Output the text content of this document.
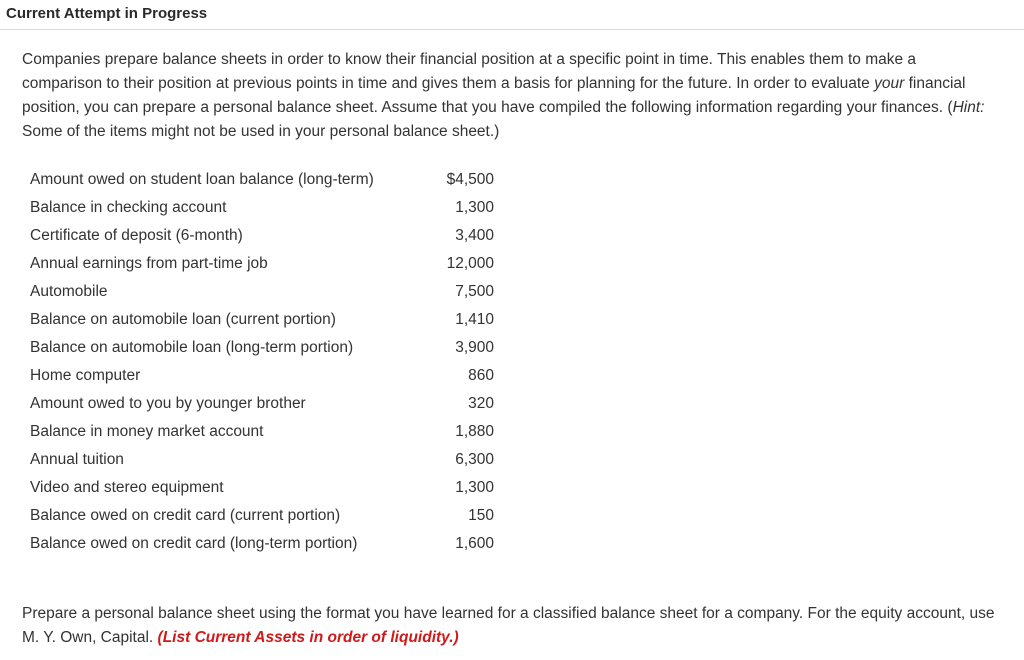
Current Attempt in Progress
Companies prepare balance sheets in order to know their financial position at a specific point in time. This enables them to make a comparison to their position at previous points in time and gives them a basis for planning for the future. In order to evaluate your financial position, you can prepare a personal balance sheet. Assume that you have compiled the following information regarding your finances. (Hint: Some of the items might not be used in your personal balance sheet.)
Amount owed on student loan balance (long-term)	$4,500
Balance in checking account	1,300
Certificate of deposit (6-month)	3,400
Annual earnings from part-time job	12,000
Automobile	7,500
Balance on automobile loan (current portion)	1,410
Balance on automobile loan (long-term portion)	3,900
Home computer	860
Amount owed to you by younger brother	320
Balance in money market account	1,880
Annual tuition	6,300
Video and stereo equipment	1,300
Balance owed on credit card (current portion)	150
Balance owed on credit card (long-term portion)	1,600
Prepare a personal balance sheet using the format you have learned for a classified balance sheet for a company. For the equity account, use M. Y. Own, Capital. (List Current Assets in order of liquidity.)
